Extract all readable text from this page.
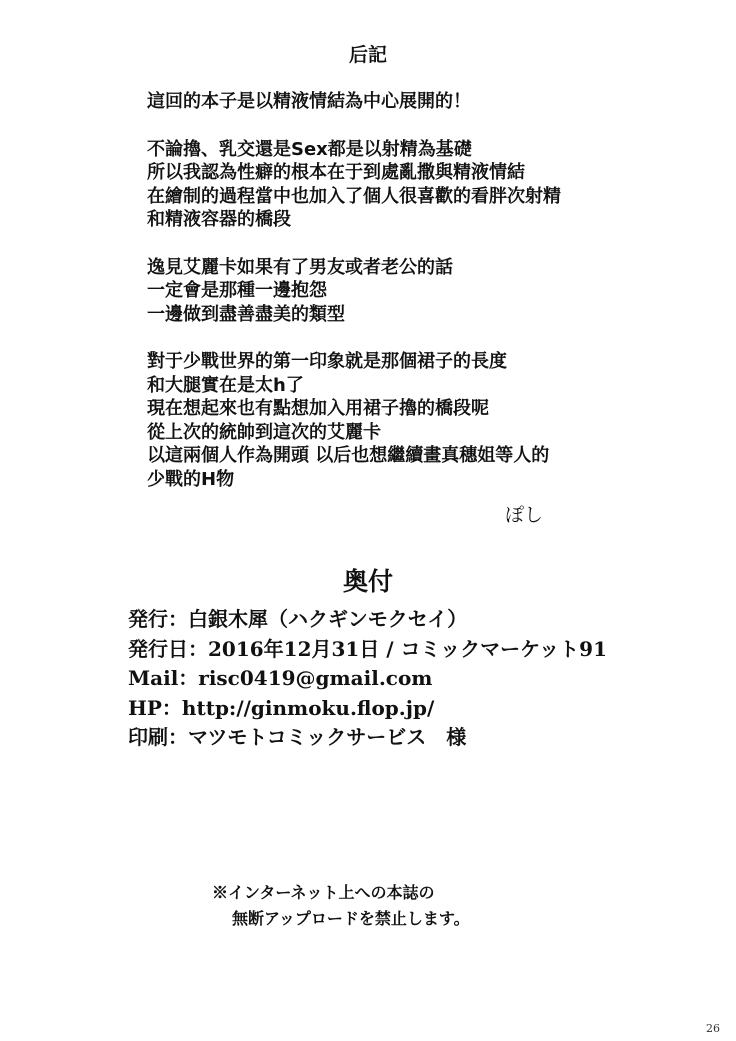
后記

這回的本子是以精液情結為中心展開的！

不論擼、乳交還是Sex都是以射精為基礎
所以我認為性癖的根本在于到處亂撒與精液情結
在繪制的過程當中也加入了個人很喜歡的看胖次射精
和精液容器的橋段

逸見艾麗卡如果有了男友或者老公的話
一定會是那種一邊抱怨
一邊做到盡善盡美的類型

對于少戰世界的第一印象就是那個裙子的長度
和大腿實在是太h了
現在想起來也有點想加入用裙子擼的橋段呢
從上次的統帥到這次的艾麗卡
以這兩個人作為開頭 以后也想繼續畫真穗姐等人的
少戰的H物

ぽし
奥付
発行：白銀木犀（ハクギンモクセイ）
発行日：2016年12月31日 / コミックマーケット91
Mail：risc0419@gmail.com
HP：http://ginmoku.flop.jp/
印刷：マツモトコミックサービス　様
※インターネット上への本誌の
無断アップロードを禁止します。
26
